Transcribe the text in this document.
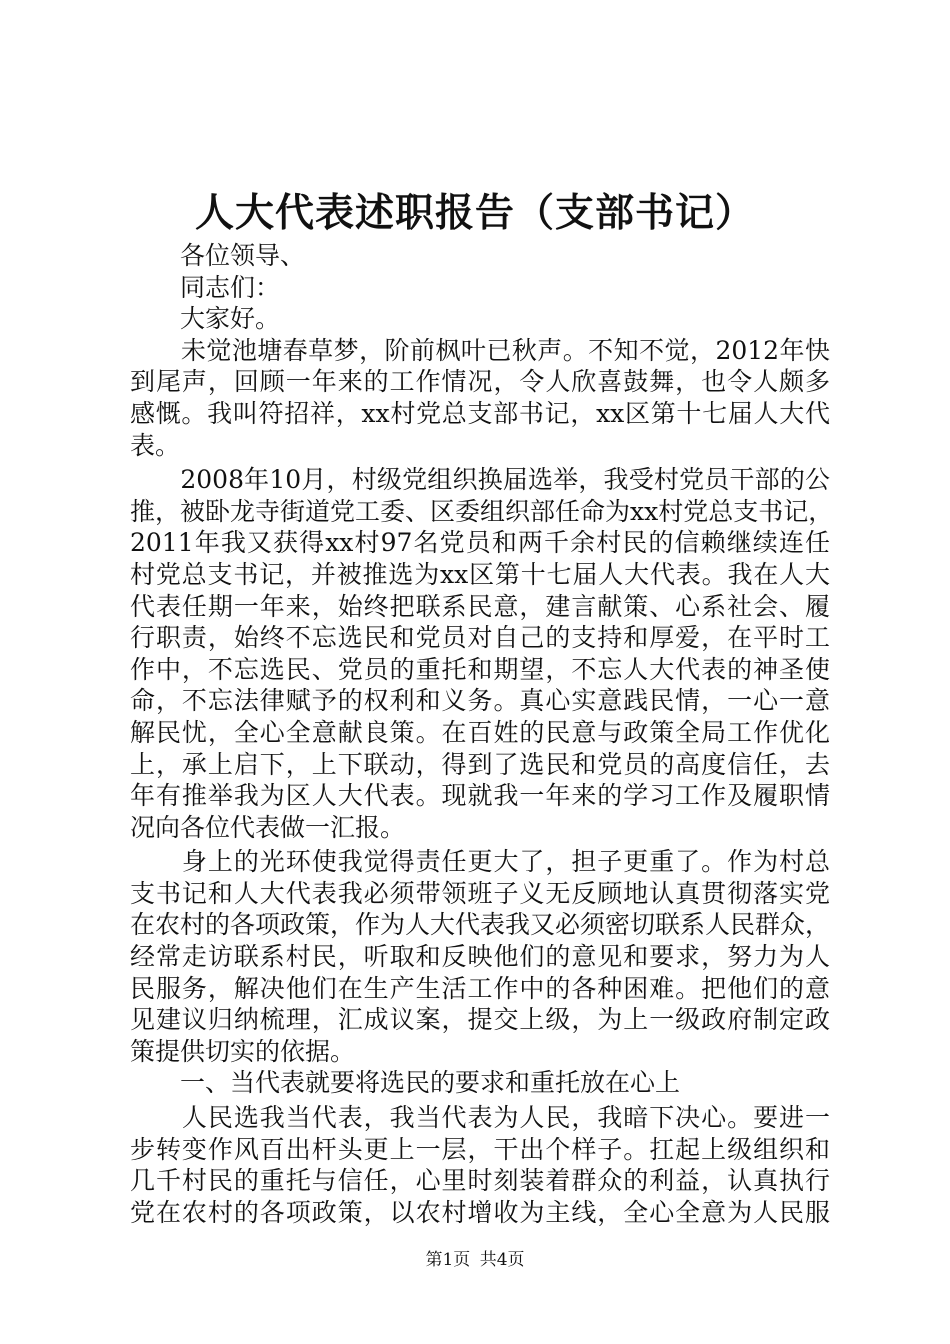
人大代表述职报告（支部书记）
　　各位领导、
　　同志们：
　　大家好。
　　未觉池塘春草梦，阶前枫叶已秋声。不知不觉，2012年快
到尾声，回顾一年来的工作情况，令人欣喜鼓舞，也令人颇多
感慨。我叫符招祥，xx村党总支部书记，xx区第十七届人大代
表。
　　2008年10月，村级党组织换届选举，我受村党员干部的公
推，被卧龙寺街道党工委、区委组织部任命为xx村党总支书记，
2011年我又获得xx村97名党员和两千余村民的信赖继续连任
村党总支书记，并被推选为xx区第十七届人大代表。我在人大
代表任期一年来，始终把联系民意，建言献策、心系社会、履
行职责，始终不忘选民和党员对自己的支持和厚爱，在平时工
作中，不忘选民、党员的重托和期望，不忘人大代表的神圣使
命，不忘法律赋予的权利和义务。真心实意践民情，一心一意
解民忧，全心全意献良策。在百姓的民意与政策全局工作优化
上，承上启下，上下联动，得到了选民和党员的高度信任，去
年有推举我为区人大代表。现就我一年来的学习工作及履职情
况向各位代表做一汇报。
　　身上的光环使我觉得责任更大了，担子更重了。作为村总
支书记和人大代表我必须带领班子义无反顾地认真贯彻落实党
在农村的各项政策，作为人大代表我又必须密切联系人民群众，
经常走访联系村民，听取和反映他们的意见和要求，努力为人
民服务，解决他们在生产生活工作中的各种困难。把他们的意
见建议归纳梳理，汇成议案，提交上级，为上一级政府制定政
策提供切实的依据。
　　一、当代表就要将选民的要求和重托放在心上
　　人民选我当代表，我当代表为人民，我暗下决心。要进一
步转变作风百出杆头更上一层，干出个样子。扛起上级组织和
几千村民的重托与信任，心里时刻装着群众的利益，认真执行
党在农村的各项政策，以农村增收为主线，全心全意为人民服
第1页 共4页
